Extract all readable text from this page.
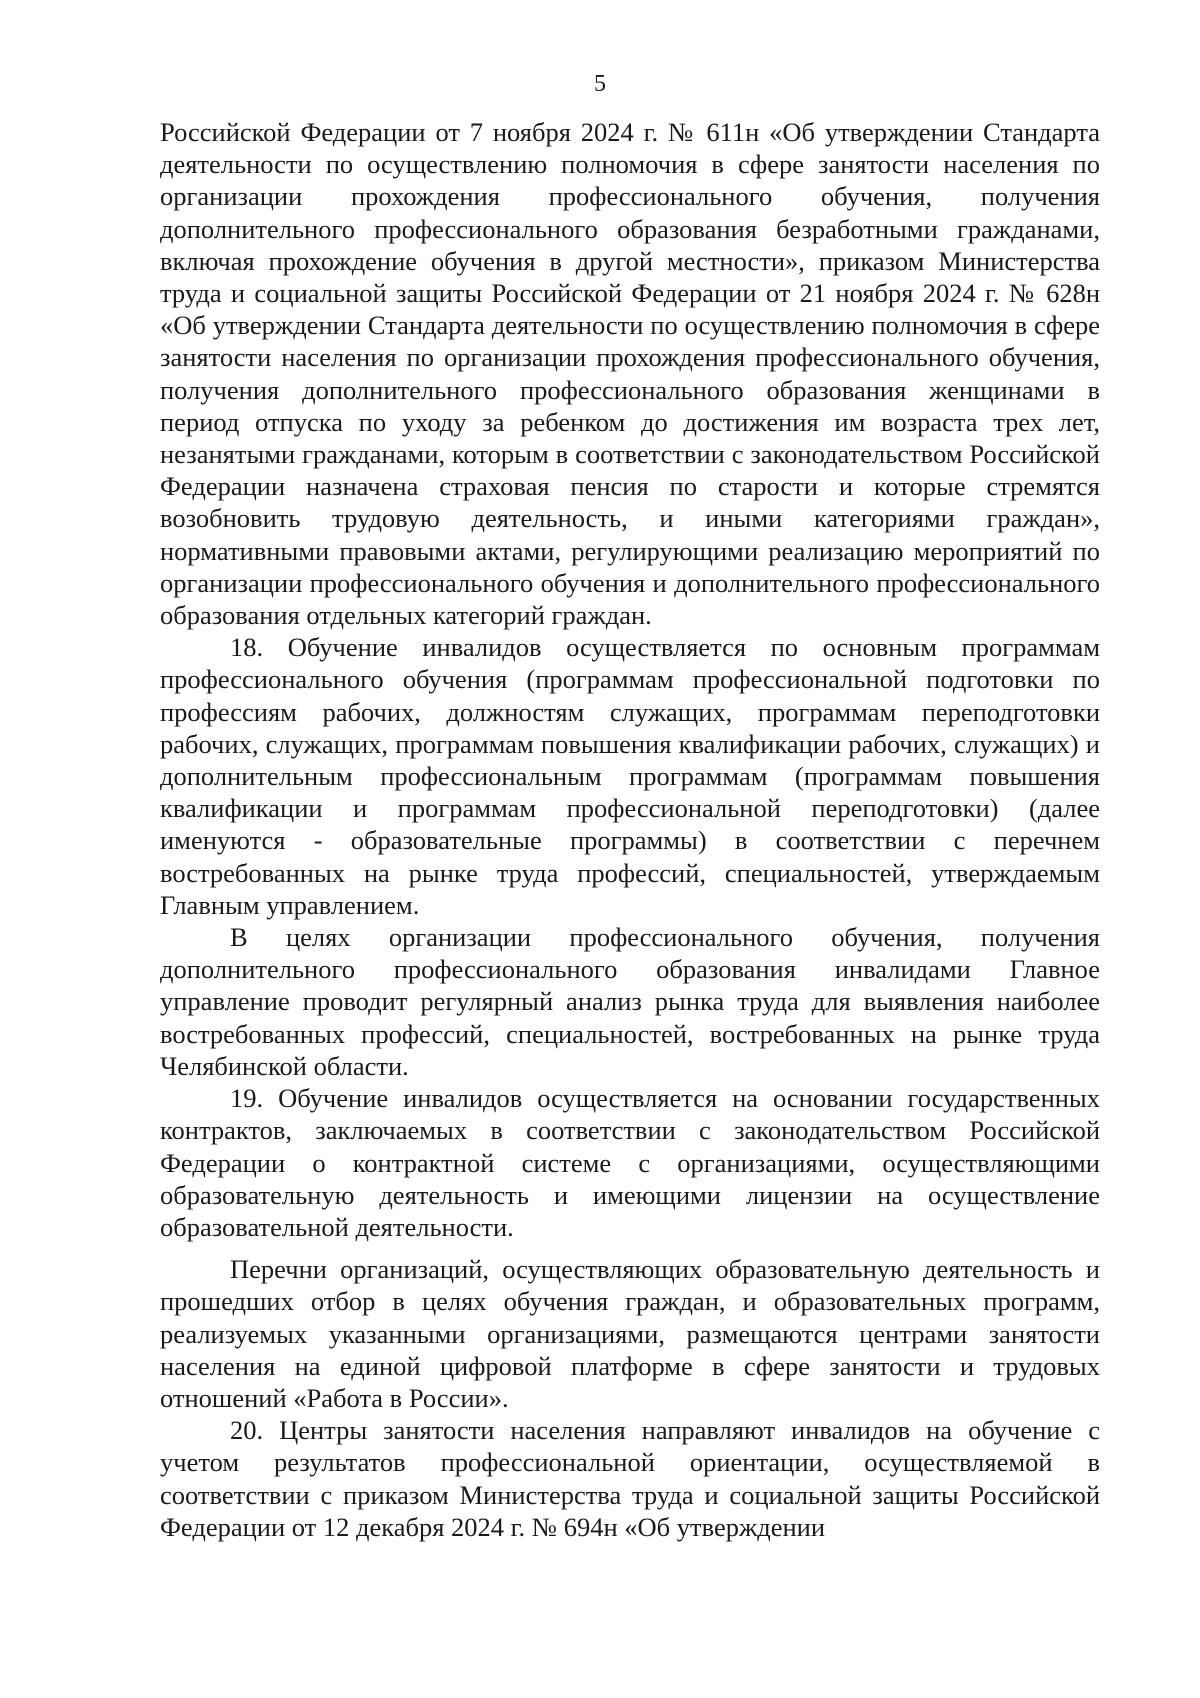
5

Российской Федерации от 7 ноября 2024 г. № 611н «Об утверждении Стандарта деятельности по осуществлению полномочия в сфере занятости населения по организации прохождения профессионального обучения, получения дополнительного профессионального образования безработными гражданами, включая прохождение обучения в другой местности», приказом Министерства труда и социальной защиты Российской Федерации от 21 ноября 2024 г. № 628н «Об утверждении Стандарта деятельности по осуществлению полномочия в сфере занятости населения по организации прохождения профессионального обучения, получения дополнительного профессионального образования женщинами в период отпуска по уходу за ребенком до достижения им возраста трех лет, незанятыми гражданами, которым в соответствии с законодательством Российской Федерации назначена страховая пенсия по старости и которые стремятся возобновить трудовую деятельность, и иными категориями граждан», нормативными правовыми актами, регулирующими реализацию мероприятий по организации профессионального обучения и дополнительного профессионального образования отдельных категорий граждан.

18. Обучение инвалидов осуществляется по основным программам профессионального обучения (программам профессиональной подготовки по профессиям рабочих, должностям служащих, программам переподготовки рабочих, служащих, программам повышения квалификации рабочих, служащих) и дополнительным профессиональным программам (программам повышения квалификации и программам профессиональной переподготовки) (далее именуются - образовательные программы) в соответствии с перечнем востребованных на рынке труда профессий, специальностей, утверждаемым Главным управлением.

В целях организации профессионального обучения, получения дополнительного профессионального образования инвалидами Главное управление проводит регулярный анализ рынка труда для выявления наиболее востребованных профессий, специальностей, востребованных на рынке труда Челябинской области.

19. Обучение инвалидов осуществляется на основании государственных контрактов, заключаемых в соответствии с законодательством Российской Федерации о контрактной системе с организациями, осуществляющими образовательную деятельность и имеющими лицензии на осуществление образовательной деятельности.

Перечни организаций, осуществляющих образовательную деятельность и прошедших отбор в целях обучения граждан, и образовательных программ, реализуемых указанными организациями, размещаются центрами занятости населения на единой цифровой платформе в сфере занятости и трудовых отношений «Работа в России».

20. Центры занятости населения направляют инвалидов на обучение с учетом результатов профессиональной ориентации, осуществляемой в соответствии с приказом Министерства труда и социальной защиты Российской Федерации от 12 декабря 2024 г. № 694н «Об утверждении
